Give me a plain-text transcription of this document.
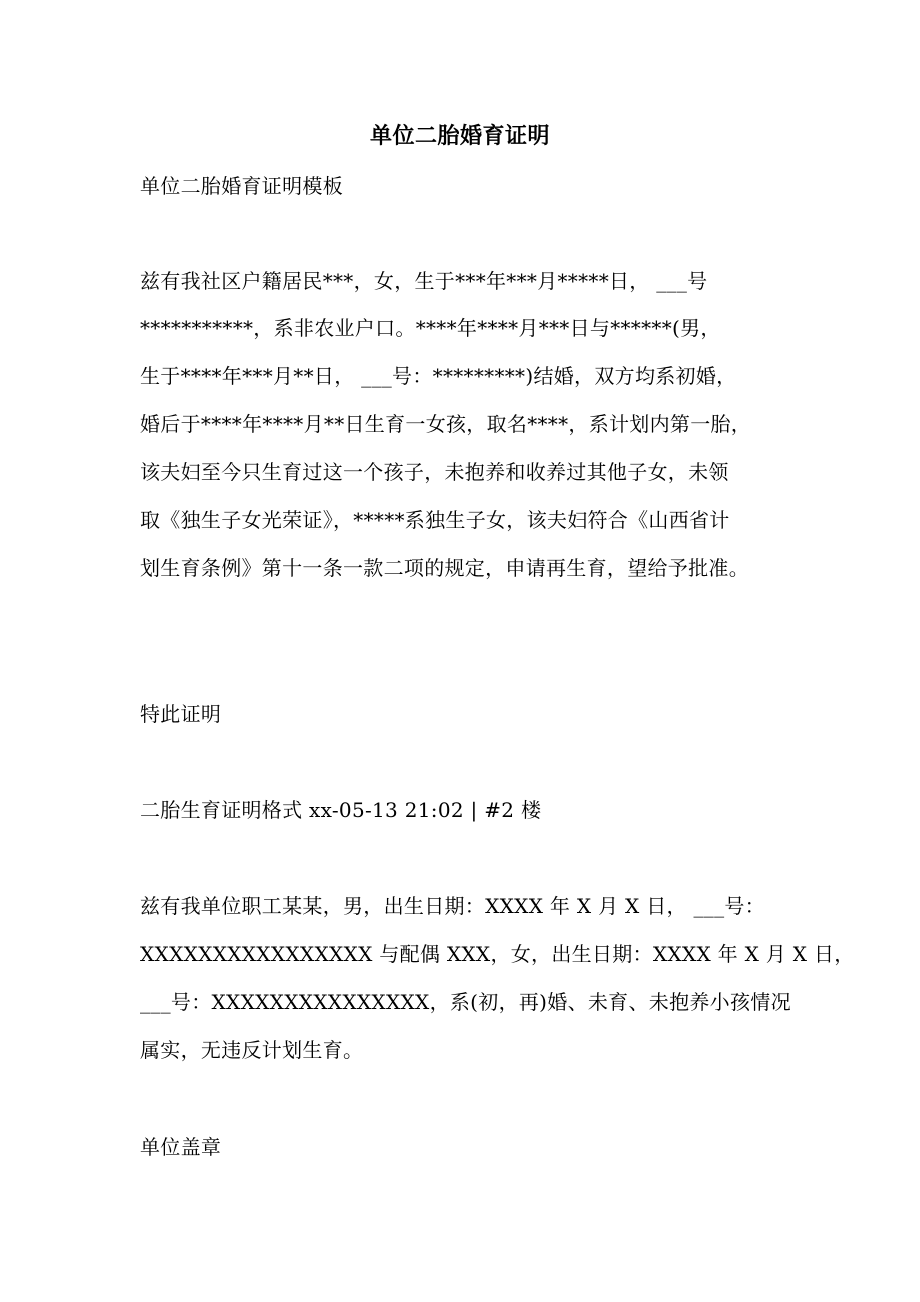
单位二胎婚育证明
单位二胎婚育证明模板
兹有我社区户籍居民***，女，生于***年***月*****日， ___号
***********，系非农业户口。****年****月***日与******(男，
生于****年***月**日， ___号：*********)结婚，双方均系初婚，
婚后于****年****月**日生育一女孩，取名****，系计划内第一胎，
该夫妇至今只生育过这一个孩子，未抱养和收养过其他子女，未领
取《独生子女光荣证》，*****系独生子女，该夫妇符合《山西省计
划生育条例》第十一条一款二项的规定，申请再生育，望给予批准。
特此证明
二胎生育证明格式 xx-05-13 21:02 | #2 楼
兹有我单位职工某某，男，出生日期：XXXX 年 X 月 X 日， ___号：
XXXXXXXXXXXXXXXX 与配偶 XXX，女，出生日期：XXXX 年 X 月 X 日，
___号：XXXXXXXXXXXXXXX，系(初，再)婚、未育、未抱养小孩情况
属实，无违反计划生育。
单位盖章
